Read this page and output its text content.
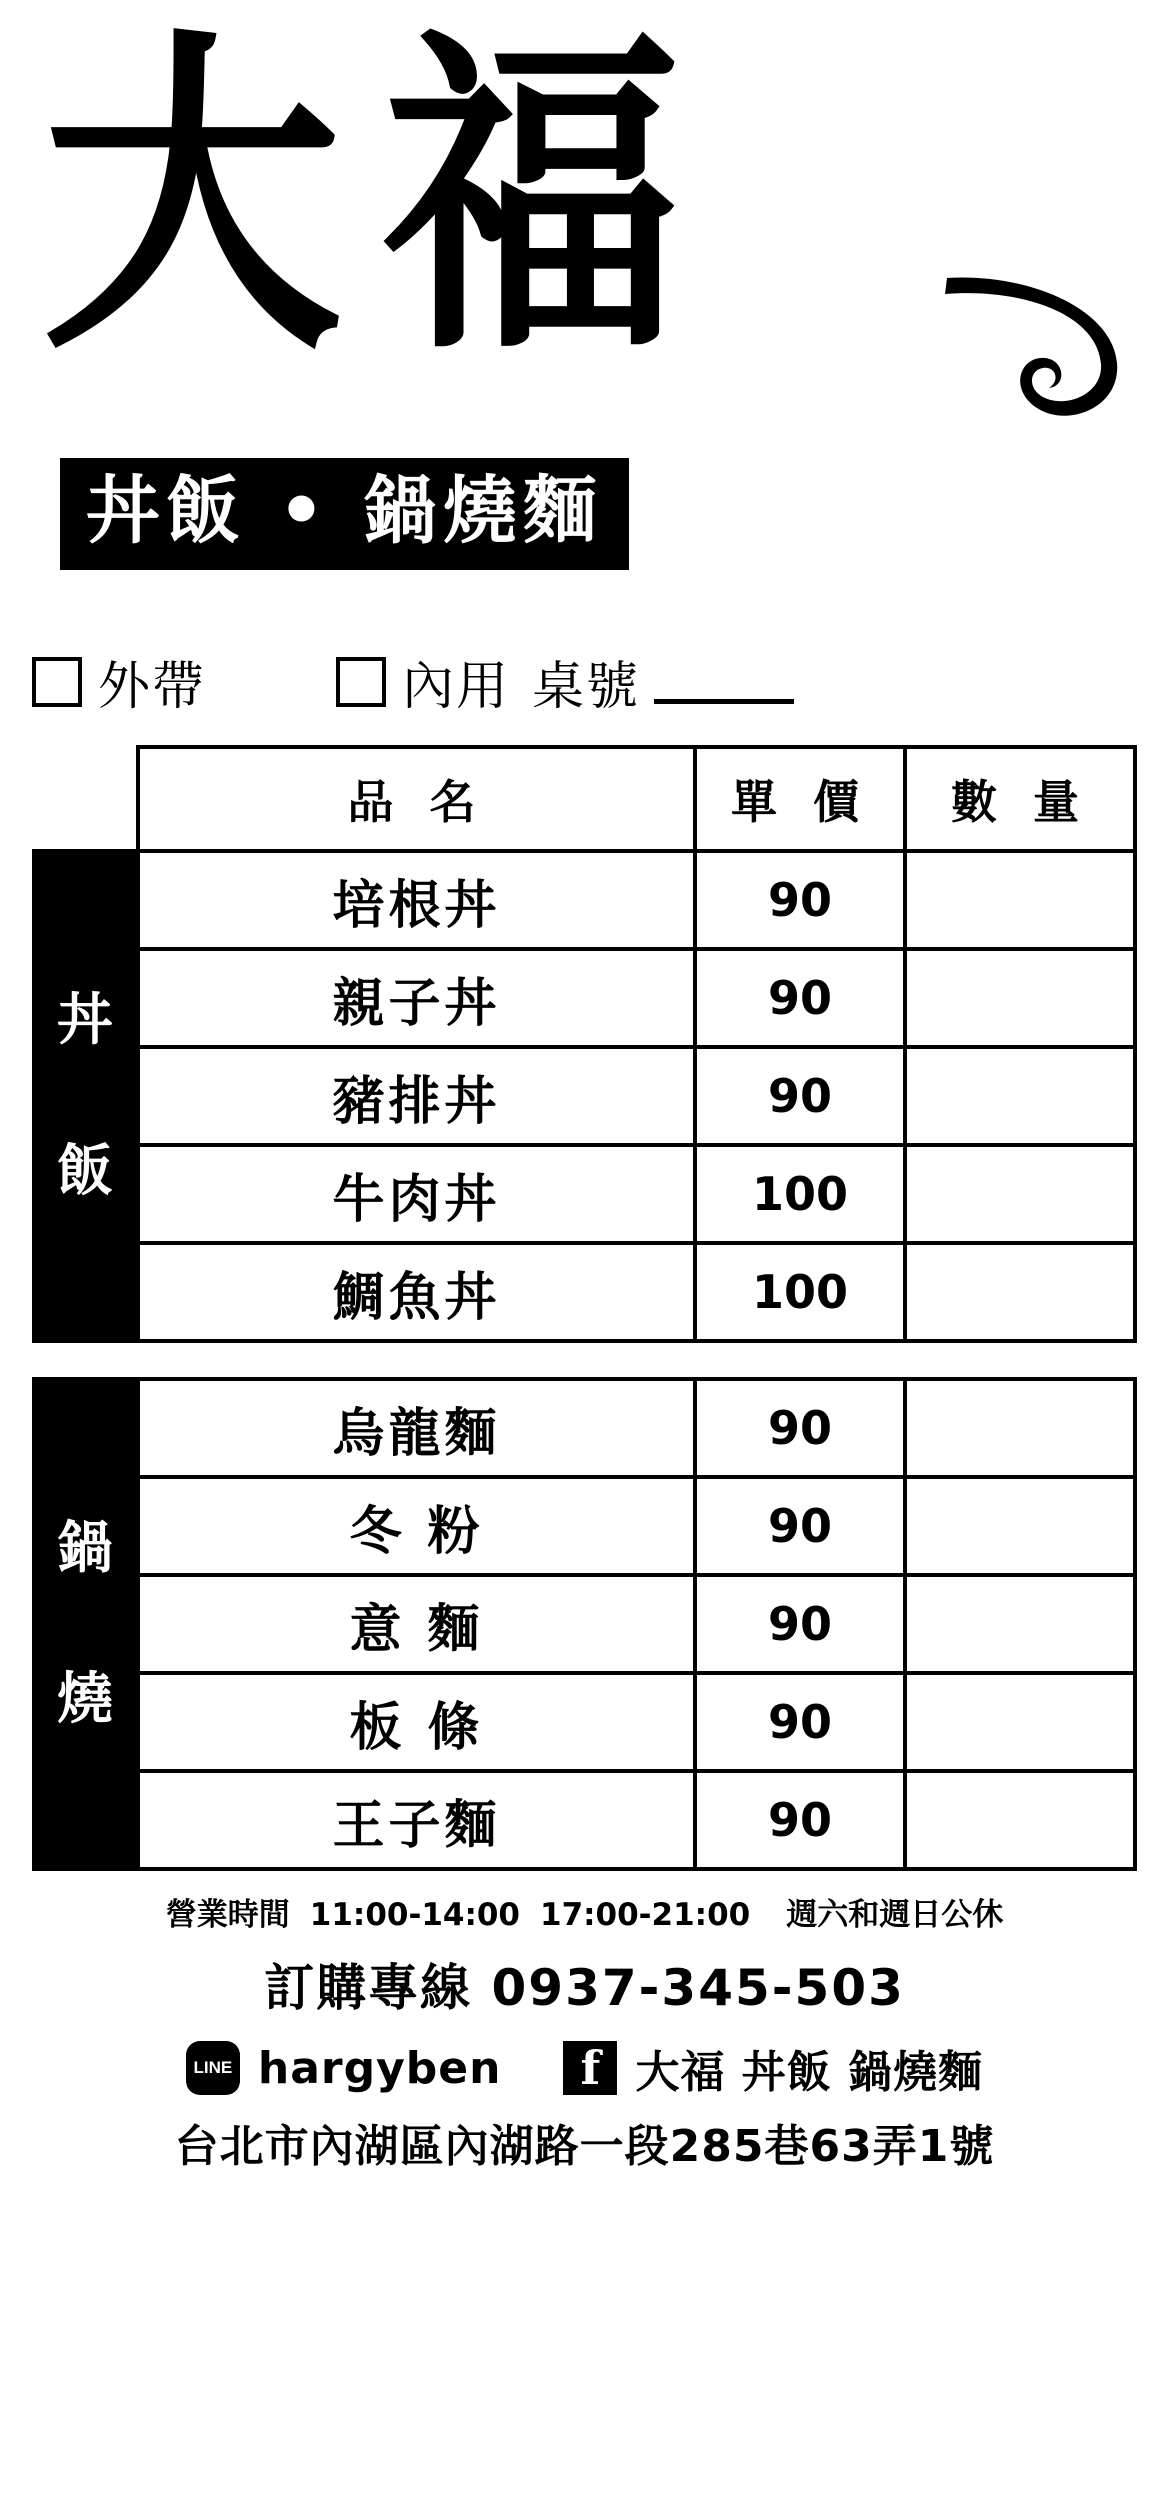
大福
丼飯 • 鍋燒麵
外帶	內用 桌號
	品 名	單 價	數 量

丼
飯	培根丼	90	
	親子丼	90	
	豬排丼	90	
	牛肉丼	100	
	鯛魚丼	100	
鍋
燒	烏龍麵	90	
	冬 粉	90	
	意 麵	90	
	板 條	90	
	王子麵	90	
營業時間 11:00-14:00 17:00-21:00 週六和週日公休
訂購專線 0937-345-503
LINE hargyben	f 大福 丼飯 鍋燒麵
台北市內湖區內湖路一段285巷63弄1號
